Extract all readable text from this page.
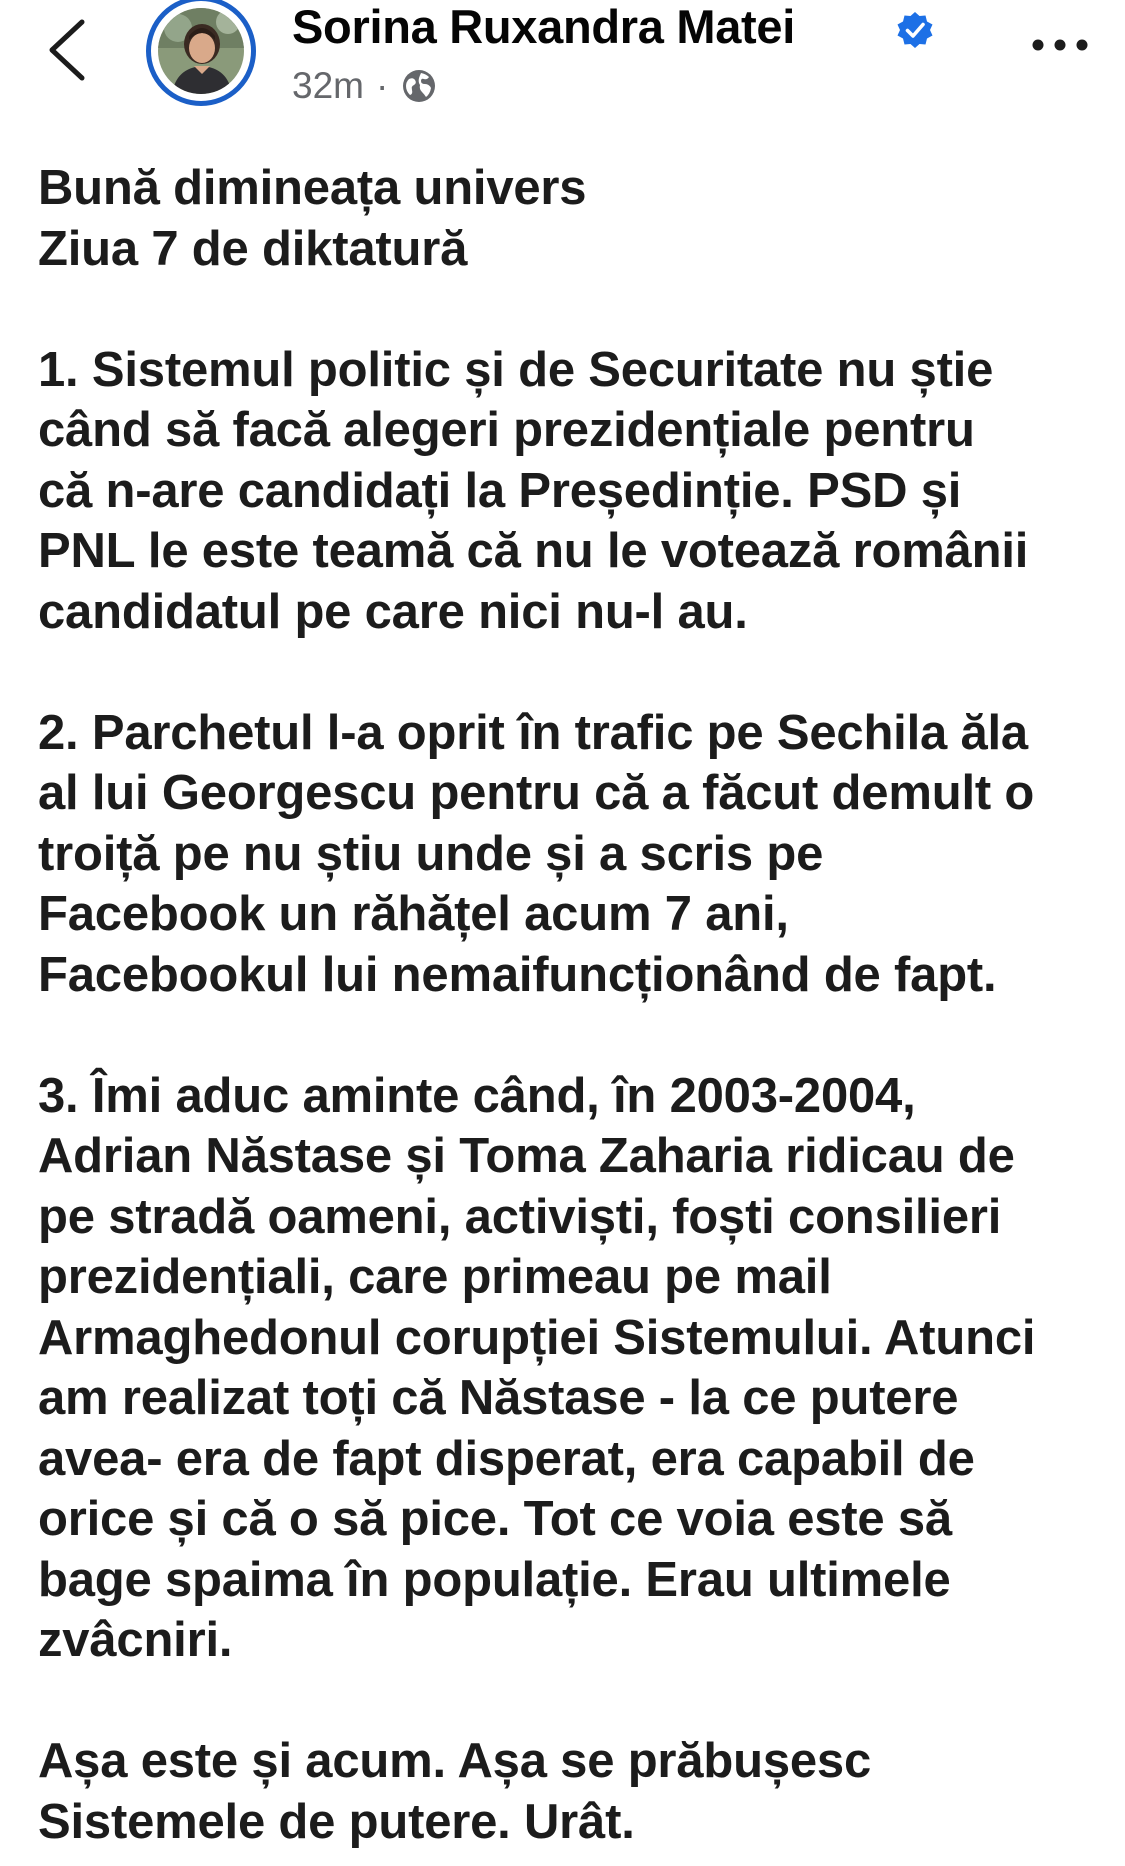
Sorina Ruxandra Matei
32m ·
Bună dimineața univers
Ziua 7 de diktatură
1. Sistemul politic și de Securitate nu știe
când să facă alegeri prezidențiale pentru
că n-are candidați la Președinție. PSD și
PNL le este teamă că nu le votează românii
candidatul pe care nici nu-l au.
2. Parchetul l-a oprit în trafic pe Sechila ăla
al lui Georgescu pentru că a făcut demult o
troiță pe nu știu unde și a scris pe
Facebook un răhățel acum 7 ani,
Facebookul lui nemaifuncționând de fapt.
3. Îmi aduc aminte când, în 2003-2004,
Adrian Năstase și Toma Zaharia ridicau de
pe stradă oameni, activiști, foști consilieri
prezidențiali, care primeau pe mail
Armaghedonul corupției Sistemului. Atunci
am realizat toți că Năstase - la ce putere
avea- era de fapt disperat, era capabil de
orice și că o să pice. Tot ce voia este să
bage spaima în populație. Erau ultimele
zvâcniri.
Așa este și acum. Așa se prăbușesc
Sistemele de putere. Urât.
